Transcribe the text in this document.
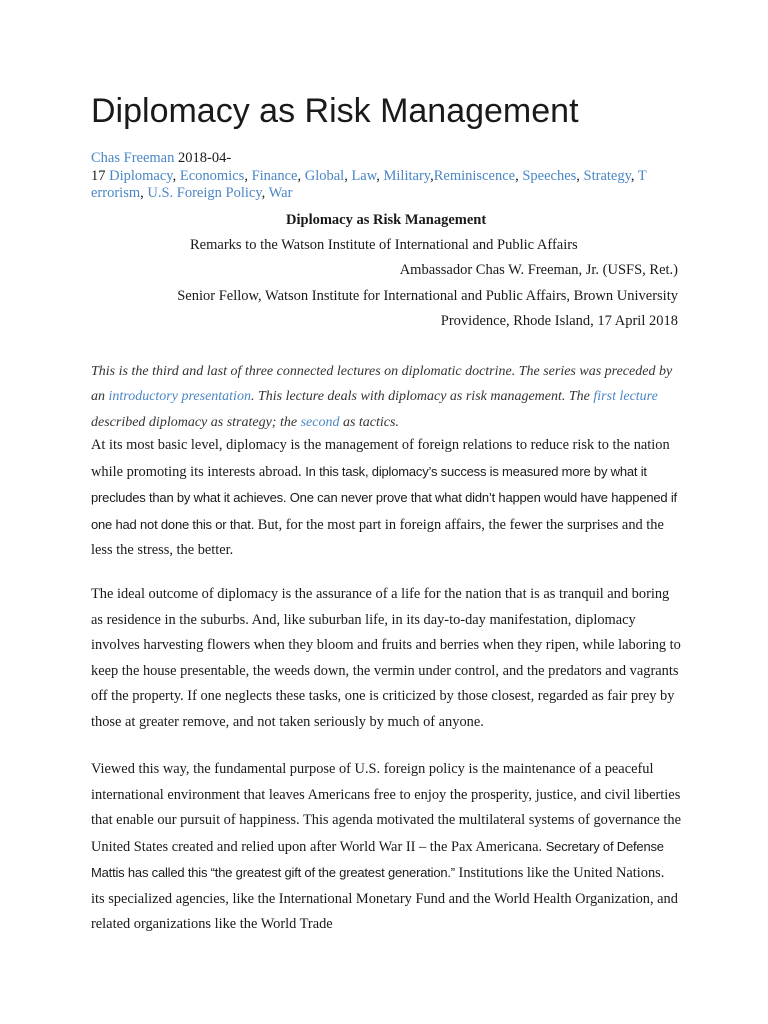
Diplomacy as Risk Management
Chas Freeman 2018-04-
17 Diplomacy, Economics, Finance, Global, Law, Military,Reminiscence, Speeches, Strategy, T
errorism, U.S. Foreign Policy, War
Diplomacy as Risk Management
Remarks to the Watson Institute of International and Public Affairs
Ambassador Chas W. Freeman, Jr. (USFS, Ret.)
Senior Fellow, Watson Institute for International and Public Affairs, Brown University
Providence, Rhode Island, 17 April 2018
This is the third and last of three connected lectures on diplomatic doctrine. The series was preceded by an introductory presentation. This lecture deals with diplomacy as risk management. The first lecture described diplomacy as strategy; the second as tactics.

At its most basic level, diplomacy is the management of foreign relations to reduce risk to the nation while promoting its interests abroad. In this task, diplomacy’s success is measured more by what it precludes than by what it achieves. One can never prove that what didn’t happen would have happened if one had not done this or that. But, for the most part in foreign affairs, the fewer the surprises and the less the stress, the better.

The ideal outcome of diplomacy is the assurance of a life for the nation that is as tranquil and boring as residence in the suburbs. And, like suburban life, in its day-to-day manifestation, diplomacy involves harvesting flowers when they bloom and fruits and berries when they ripen, while laboring to keep the house presentable, the weeds down, the vermin under control, and the predators and vagrants off the property. If one neglects these tasks, one is criticized by those closest, regarded as fair prey by those at greater remove, and not taken seriously by much of anyone.

Viewed this way, the fundamental purpose of U.S. foreign policy is the maintenance of a peaceful international environment that leaves Americans free to enjoy the prosperity, justice, and civil liberties that enable our pursuit of happiness. This agenda motivated the multilateral systems of governance the United States created and relied upon after World War II – the Pax Americana. Secretary of Defense Mattis has called this “the greatest gift of the greatest generation.” Institutions like the United Nations. its specialized agencies, like the International Monetary Fund and the World Health Organization, and related organizations like the World Trade
